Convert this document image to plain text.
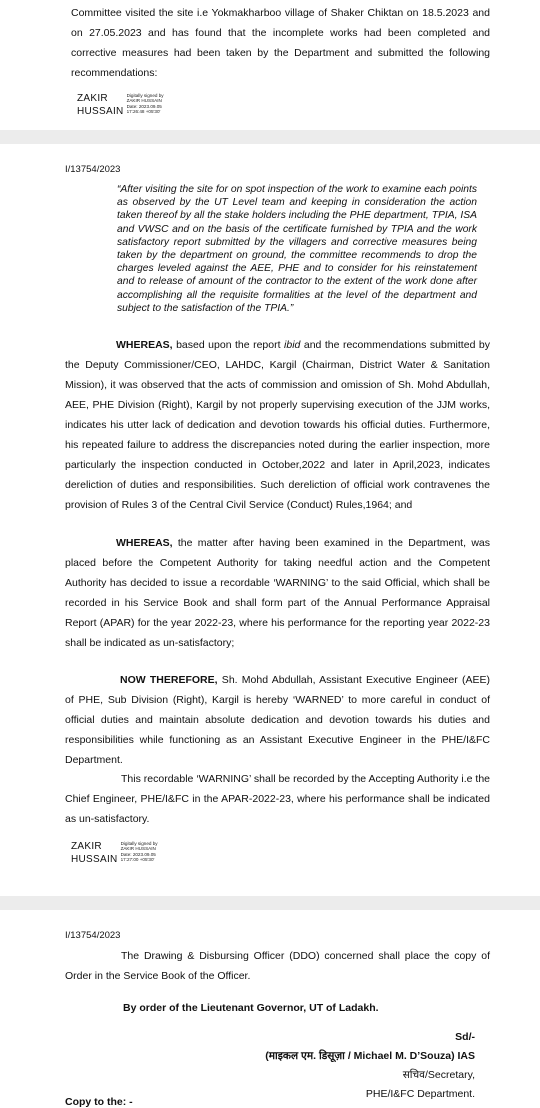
Committee visited the site i.e Yokmakharboo village of Shaker Chiktan on 18.5.2023 and on 27.05.2023 and has found that the incomplete works had been completed and corrective measures had been taken by the Department and submitted the following recommendations:

ZAKIR
HUSSAIN
Digitally signed by
ZAKIR HUSSAIN
Date: 2023.09.05
17:26:48 +05'30'
I/13754/2023

“After visiting the site for on spot inspection of the work to examine each points as observed by the UT Level team and keeping in consideration the action taken thereof by all the stake holders including the PHE department, TPIA, ISA and VWSC and on the basis of the certificate furnished by TPIA and the work satisfactory report submitted by the villagers and corrective measures being taken by the department on ground, the committee recommends to drop the charges leveled against the AEE, PHE and to consider for his reinstatement and to release of amount of the contractor to the extent of the work done after accomplishing all the requisite formalities at the level of the department and subject to the satisfaction of the TPIA.”

WHEREAS, based upon the report ibid and the recommendations submitted by the Deputy Commissioner/CEO, LAHDC, Kargil (Chairman, District Water & Sanitation Mission), it was observed that the acts of commission and omission of Sh. Mohd Abdullah, AEE, PHE Division (Right), Kargil by not properly supervising execution of the JJM works, indicates his utter lack of dedication and devotion towards his official duties. Furthermore, his repeated failure to address the discrepancies noted during the earlier inspection, more particularly the inspection conducted in October,2022 and later in April,2023, indicates dereliction of duties and responsibilities. Such dereliction of official work contravenes the provision of Rules 3 of the Central Civil Service (Conduct) Rules,1964; and

WHEREAS, the matter after having been examined in the Department, was placed before the Competent Authority for taking needful action and the Competent Authority has decided to issue a recordable ‘WARNING’ to the said Official, which shall be recorded in his Service Book and shall form part of the Annual Performance Appraisal Report (APAR) for the year 2022-23, where his performance for the reporting year 2022-23 shall be indicated as un-satisfactory;

NOW THEREFORE, Sh. Mohd Abdullah, Assistant Executive Engineer (AEE) of PHE, Sub Division (Right), Kargil is hereby ‘WARNED’ to more careful in conduct of official duties and maintain absolute dedication and devotion towards his duties and responsibilities while functioning as an Assistant Executive Engineer in the PHE/I&FC Department.

This recordable ‘WARNING’ shall be recorded by the Accepting Authority i.e the Chief Engineer, PHE/I&FC in the APAR-2022-23, where his performance shall be indicated as un-satisfactory.

ZAKIR
HUSSAIN
Digitally signed by
ZAKIR HUSSAIN
Date: 2023.09.05
17:27:00 +05'30'
I/13754/2023

The Drawing & Disbursing Officer (DDO) concerned shall place the copy of Order in the Service Book of the Officer.

By order of the Lieutenant Governor, UT of Ladakh.
Sd/-
(माइकल एम. डिसूज़ा / Michael M. D’Souza) IAS
सचिव/Secretary,
PHE/I&FC Department.
Copy to the: -
